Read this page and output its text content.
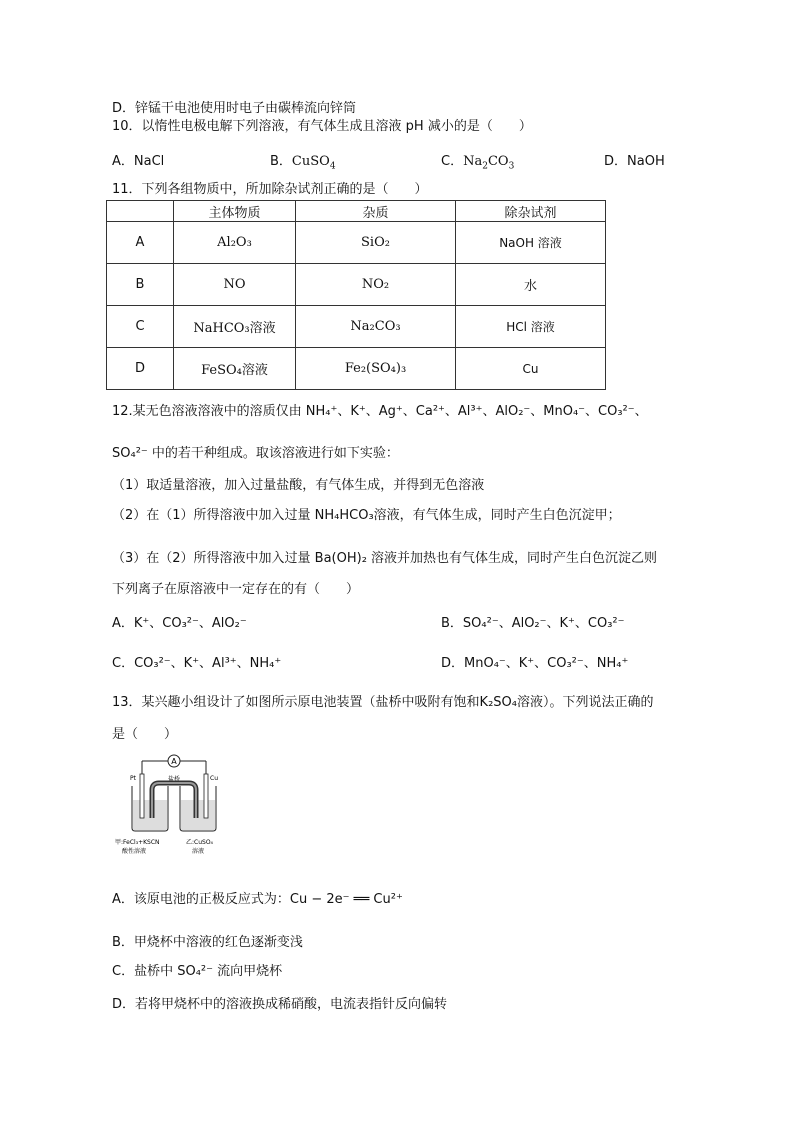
D．锌锰干电池使用时电子由碳棒流向锌筒
10．以惰性电极电解下列溶液，有气体生成且溶液 pH 减小的是（　　）
A．NaCl	B．CuSO$_4$	C．$Na_2CO_3$	D．NaOH
11．下列各组物质中，所加除杂试剂正确的是（　　）
	主体物质	杂质	除杂试剂
A	Al₂O₃	SiO₂	NaOH 溶液
B	NO	NO₂	水
C	NaHCO₃溶液	Na₂CO₃	HCl 溶液
D	FeSO₄溶液	Fe₂(SO₄)₃	Cu
12.某无色溶液溶液中的溶质仅由 NH₄⁺、K⁺、Ag⁺、Ca²⁺、Al³⁺、AlO₂⁻、MnO₄⁻、CO₃²⁻、
SO₄²⁻ 中的若干种组成。取该溶液进行如下实验：
（1）取适量溶液，加入过量盐酸，有气体生成，并得到无色溶液
（2）在（1）所得溶液中加入过量 NH₄HCO₃溶液，有气体生成，同时产生白色沉淀甲；
（3）在（2）所得溶液中加入过量 Ba(OH)₂ 溶液并加热也有气体生成，同时产生白色沉淀乙则
下列离子在原溶液中一定存在的有（　　）
A．K⁺、CO₃²⁻、AlO₂⁻	B．SO₄²⁻、AlO₂⁻、K⁺、CO₃²⁻
C．CO₃²⁻、K⁺、Al³⁺、NH₄⁺	D．MnO₄⁻、K⁺、CO₃²⁻、NH₄⁺
13．某兴趣小组设计了如图所示原电池装置（盐桥中吸附有饱和K₂SO₄溶液）。下列说法正确的
是（　　）
A
盐桥
Pt	Cu
甲:FeCl₃+KSCN
酸性溶液
乙:CuSO₄
溶液
A．该原电池的正极反应式为：Cu − 2e⁻ ══ Cu²⁺
B．甲烧杯中溶液的红色逐渐变浅
C．盐桥中 SO₄²⁻ 流向甲烧杯
D．若将甲烧杯中的溶液换成稀硝酸，电流表指针反向偏转
